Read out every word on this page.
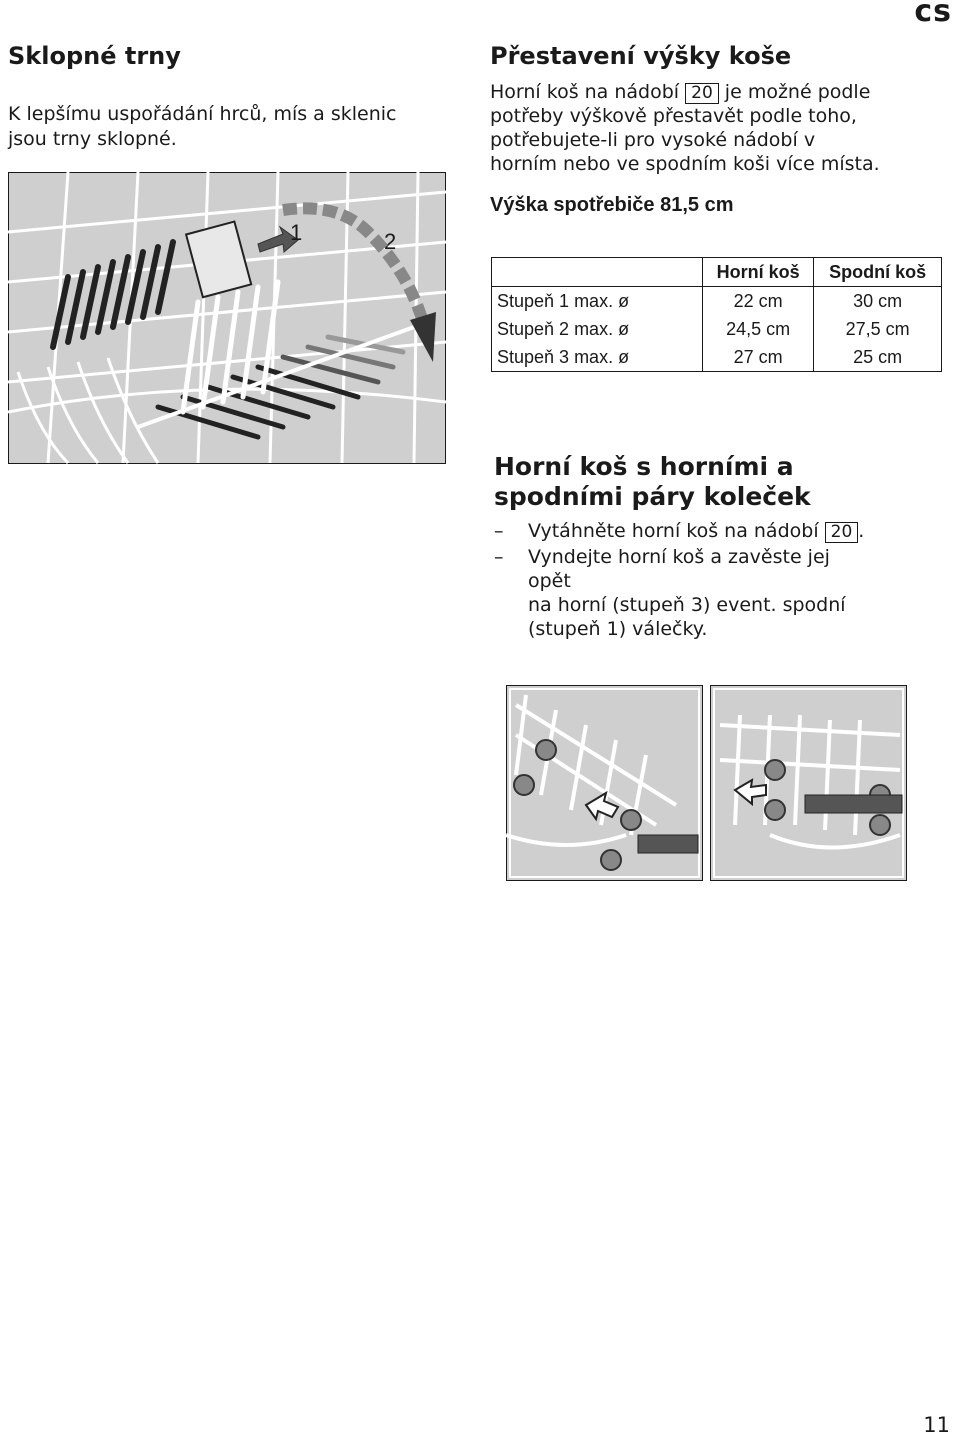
cs
Sklopné trny
K lepšímu uspořádání hrců, mís a sklenic
jsou trny sklopné.
1	2
Přestavení výšky koše
Horní koš na nádobí 20 je možné podle
potřeby výškově přestavět podle toho,
potřebujete-li pro vysoké nádobí v
horním nebo ve spodním koši více místa.
Výška spotřebiče 81,5 cm
	Horní koš	Spodní koš
Stupeň 1 max. ø	22 cm	30 cm
Stupeň 2 max. ø	24,5 cm	27,5 cm
Stupeň 3 max. ø	27 cm	25 cm
Horní koš s horními a
spodními páry koleček
– Vytáhněte horní koš na nádobí 20 .
– Vyndejte horní koš a zavěste jej
opět
na horní (stupeň 3) event. spodní
(stupeň 1) válečky.
11
